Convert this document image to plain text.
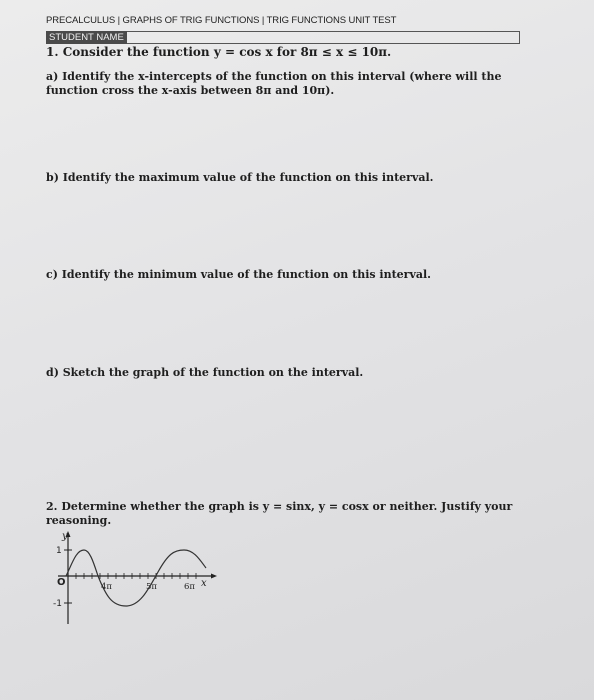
PRECALCULUS | GRAPHS OF TRIG FUNCTIONS | TRIG FUNCTIONS UNIT TEST
STUDENT NAME
1. Consider the function y = cos x for 8π ≤ x ≤ 10π.
a) Identify the x-intercepts of the function on this interval (where will the function cross the x-axis between 8π and 10π).
b) Identify the maximum value of the function on this interval.
c) Identify the minimum value of the function on this interval.
d) Sketch the graph of the function on the interval.
2. Determine whether the graph is y = sinx, y = cosx or neither. Justify your reasoning.
y
1
-1
O	4π	5π	6π x
